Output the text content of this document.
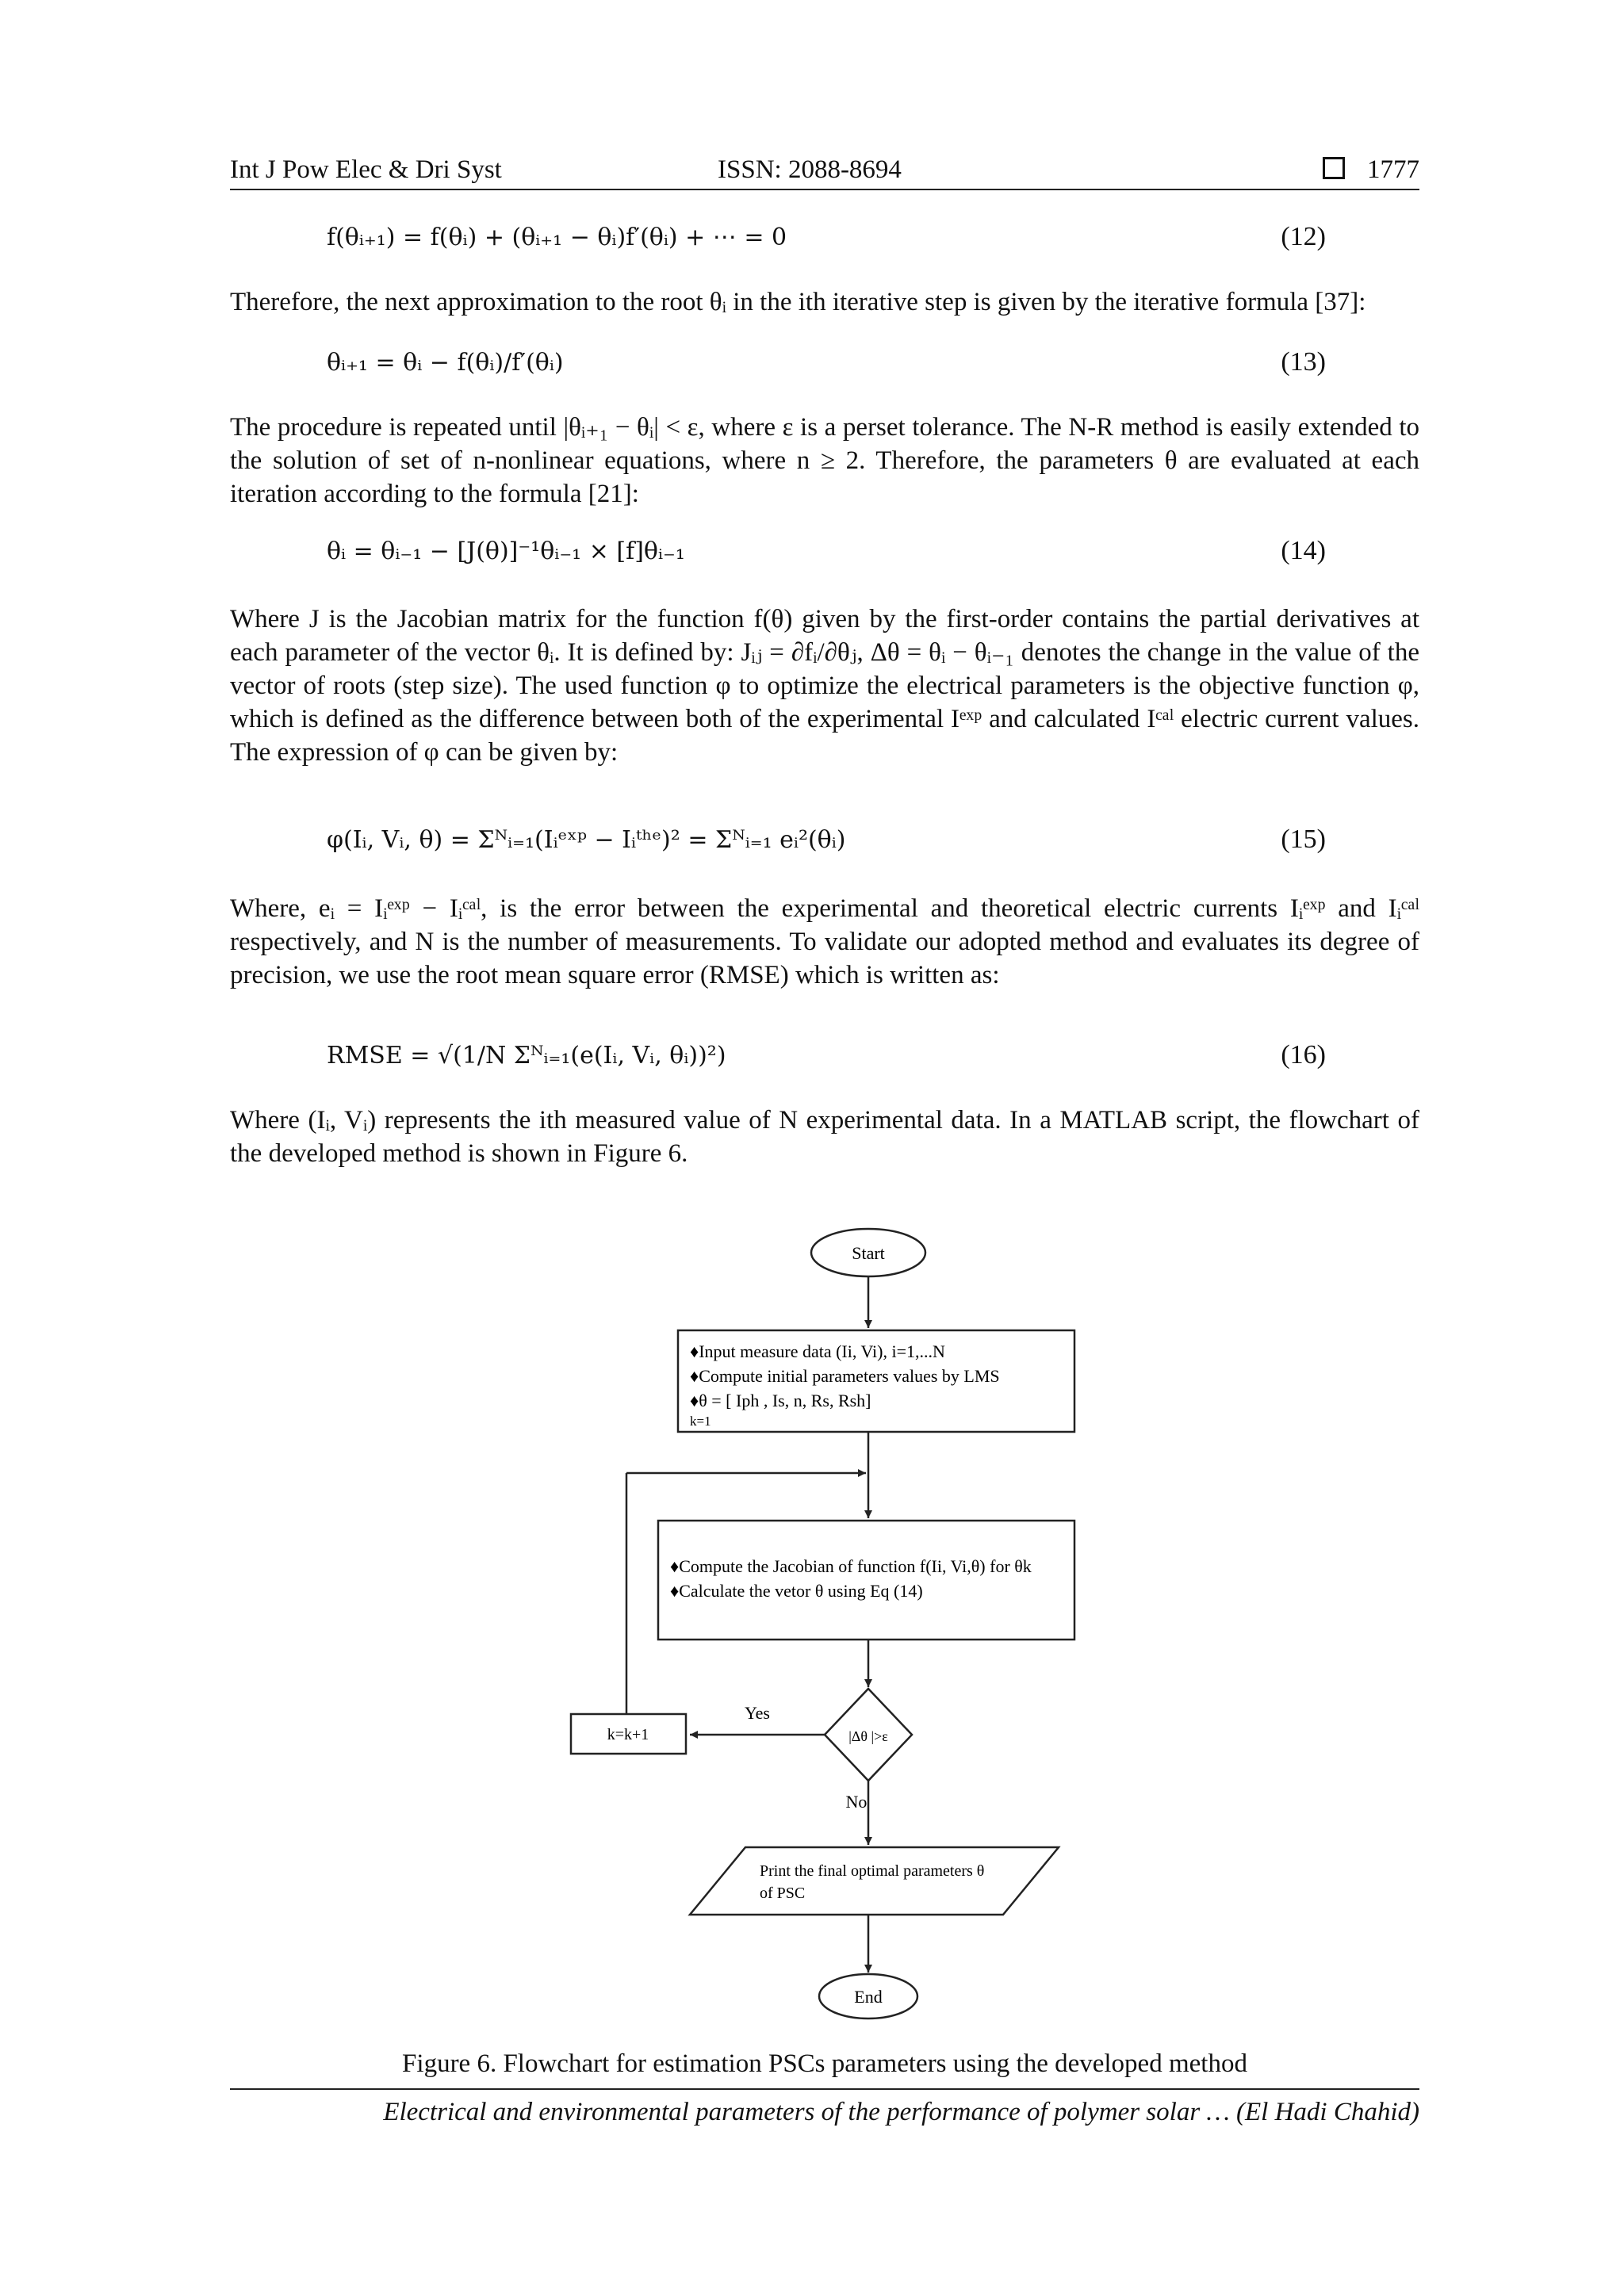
Int J Pow Elec & Dri Syst	ISSN: 2088-8694	1777
f(θᵢ₊₁) = f(θᵢ) + (θᵢ₊₁ − θᵢ)f′(θᵢ) + ⋯ = 0	(12)
Therefore, the next approximation to the root θᵢ in the ith iterative step is given by the iterative formula [37]:
θᵢ₊₁ = θᵢ − f(θᵢ)/f′(θᵢ)	(13)
The procedure is repeated until |θᵢ₊₁ − θᵢ| < ε, where ε is a perset tolerance. The N-R method is easily extended to the solution of set of n-nonlinear equations, where n ≥ 2. Therefore, the parameters θ are evaluated at each iteration according to the formula [21]:
θᵢ = θᵢ₋₁ − [J(θ)]⁻¹θᵢ₋₁ × [f]θᵢ₋₁	(14)
Where J is the Jacobian matrix for the function f(θ) given by the first-order contains the partial derivatives at each parameter of the vector θᵢ. It is defined by: Jᵢⱼ = ∂fᵢ/∂θⱼ, Δθ = θᵢ − θᵢ₋₁ denotes the change in the value of the vector of roots (step size). The used function φ to optimize the electrical parameters is the objective function φ, which is defined as the difference between both of the experimental Iᵉˣᵖ and calculated Iᶜᵃˡ electric current values. The expression of φ can be given by:
φ(Iᵢ, Vᵢ, θ) = Σᴺᵢ₌₁(Iᵢᵉˣᵖ − Iᵢᵗʰᵉ)² = Σᴺᵢ₌₁ eᵢ²(θᵢ)	(15)
Where, eᵢ = Iᵢᵉˣᵖ − Iᵢᶜᵃˡ, is the error between the experimental and theoretical electric currents Iᵢᵉˣᵖ and Iᵢᶜᵃˡ respectively, and N is the number of measurements. To validate our adopted method and evaluates its degree of precision, we use the root mean square error (RMSE) which is written as:
RMSE = √(1/N Σᴺᵢ₌₁(e(Iᵢ, Vᵢ, θᵢ))²)	(16)
Where (Iᵢ, Vᵢ) represents the ith measured value of N experimental data. In a MATLAB script, the flowchart of the developed method is shown in Figure 6.
Start
♦Input measure data (Ii, Vi), i=1,...N
♦Compute initial parameters values by LMS
♦θ = [ Iph , Is, n, Rs, Rsh]
k=1
♦Compute the Jacobian of function f(Ii, Vi,θ) for θk
♦Calculate the vetor θ using Eq (14)
|Δθ |>ε
Yes
k=k+1
No
Print the final optimal parameters θ
of PSC
End
Figure 6. Flowchart for estimation PSCs parameters using the developed method
Electrical and environmental parameters of the performance of polymer solar … (El Hadi Chahid)
